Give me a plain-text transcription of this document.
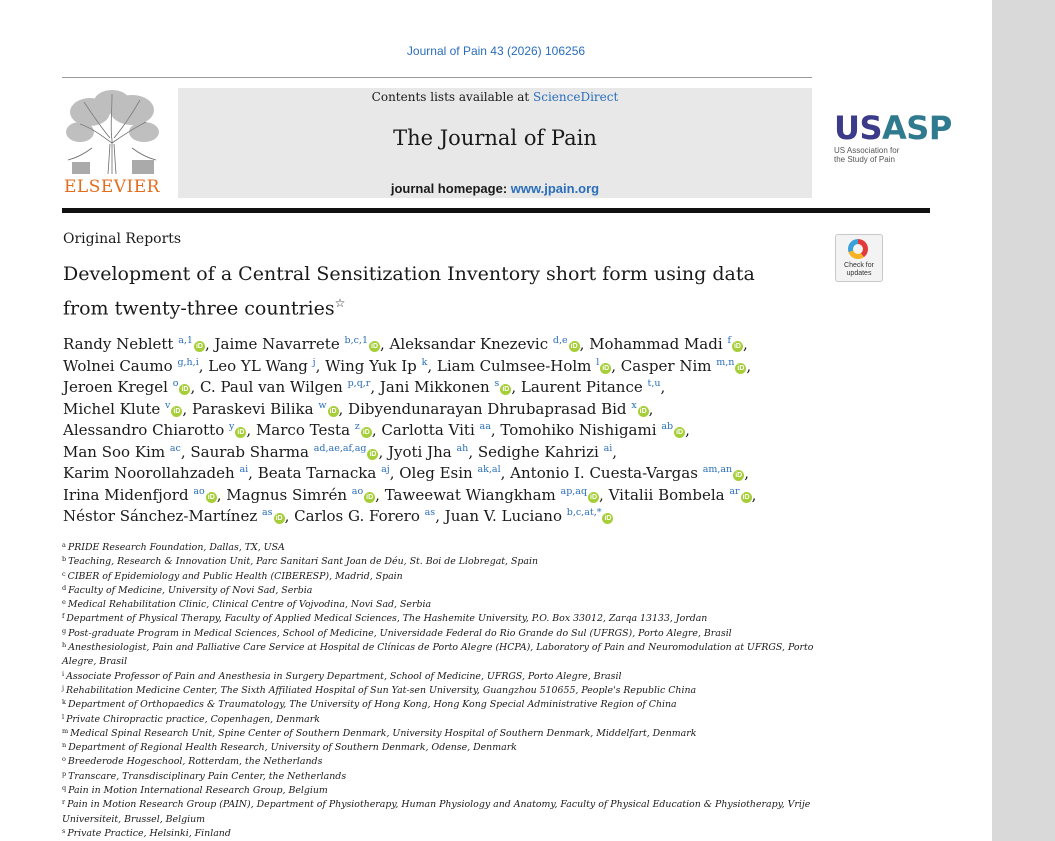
Journal of Pain 43 (2026) 106256
ELSEVIER
Contents lists available at ScienceDirect
The Journal of Pain
journal homepage: www.jpain.org
USASP
US Association for
the Study of Pain
Original Reports
Check for
updates
Development of a Central Sensitization Inventory short form using data
from twenty-three countries☆
Randy Neblett $^{a,1}$iD , Jaime Navarrete $^{b,c,1}$iD , Aleksandar Knezevic $^{d,e}$iD , Mohammad Madi $^f$iD ,
Wolnei Caumo $^{g,h,i}$, Leo YL Wang $^j$, Wing Yuk Ip $^k$, Liam Culmsee-Holm $^l$iD , Casper Nim $^{m,n}$iD ,
Jeroen Kregel $^o$iD , C. Paul van Wilgen $^{p,q,r}$, Jani Mikkonen $^s$iD , Laurent Pitance $^{t,u}$,
Michel Klute $^v$iD , Paraskevi Bilika $^w$iD , Dibyendunarayan Dhrubaprasad Bid $^x$iD ,
Alessandro Chiarotto $^y$iD , Marco Testa $^z$iD , Carlotta Viti $^{aa}$, Tomohiko Nishigami $^{ab}$iD ,
Man Soo Kim $^{ac}$, Saurab Sharma $^{ad,ae,af,ag}$iD , Jyoti Jha $^{ah}$, Sedighe Kahrizi $^{ai}$,
Karim Noorollahzadeh $^{ai}$, Beata Tarnacka $^{aj}$, Oleg Esin $^{ak,al}$, Antonio I. Cuesta-Vargas $^{am,an}$iD ,
Irina Midenfjord $^{ao}$iD , Magnus Simrén $^{ao}$iD , Taweewat Wiangkham $^{ap,aq}$iD , Vitalii Bombela $^{ar}$iD ,
Néstor Sánchez-Martínez $^{as}$iD , Carlos G. Forero $^{as}$, Juan V. Luciano $^{b,c,at,*}$iD
$^a$ PRIDE Research Foundation, Dallas, TX, USA
$^b$ Teaching, Research & Innovation Unit, Parc Sanitari Sant Joan de Déu, St. Boi de Llobregat, Spain
$^c$ CIBER of Epidemiology and Public Health (CIBERESP), Madrid, Spain
$^d$ Faculty of Medicine, University of Novi Sad, Serbia
$^e$ Medical Rehabilitation Clinic, Clinical Centre of Vojvodina, Novi Sad, Serbia
$^f$ Department of Physical Therapy, Faculty of Applied Medical Sciences, The Hashemite University, P.O. Box 33012, Zarqa 13133, Jordan
$^g$ Post-graduate Program in Medical Sciences, School of Medicine, Universidade Federal do Rio Grande do Sul (UFRGS), Porto Alegre, Brasil
$^h$ Anesthesiologist, Pain and Palliative Care Service at Hospital de Clínicas de Porto Alegre (HCPA), Laboratory of Pain and Neuromodulation at UFRGS, Porto Alegre, Brasil
$^i$ Associate Professor of Pain and Anesthesia in Surgery Department, School of Medicine, UFRGS, Porto Alegre, Brasil
$^j$ Rehabilitation Medicine Center, The Sixth Affiliated Hospital of Sun Yat-sen University, Guangzhou 510655, People's Republic China
$^k$ Department of Orthopaedics & Traumatology, The University of Hong Kong, Hong Kong Special Administrative Region of China
$^l$ Private Chiropractic practice, Copenhagen, Denmark
$^m$ Medical Spinal Research Unit, Spine Center of Southern Denmark, University Hospital of Southern Denmark, Middelfart, Denmark
$^n$ Department of Regional Health Research, University of Southern Denmark, Odense, Denmark
$^o$ Breederode Hogeschool, Rotterdam, the Netherlands
$^p$ Transcare, Transdisciplinary Pain Center, the Netherlands
$^q$ Pain in Motion International Research Group, Belgium
$^r$ Pain in Motion Research Group (PAIN), Department of Physiotherapy, Human Physiology and Anatomy, Faculty of Physical Education & Physiotherapy, Vrije Universiteit, Brussel, Belgium
$^s$ Private Practice, Helsinki, Finland
